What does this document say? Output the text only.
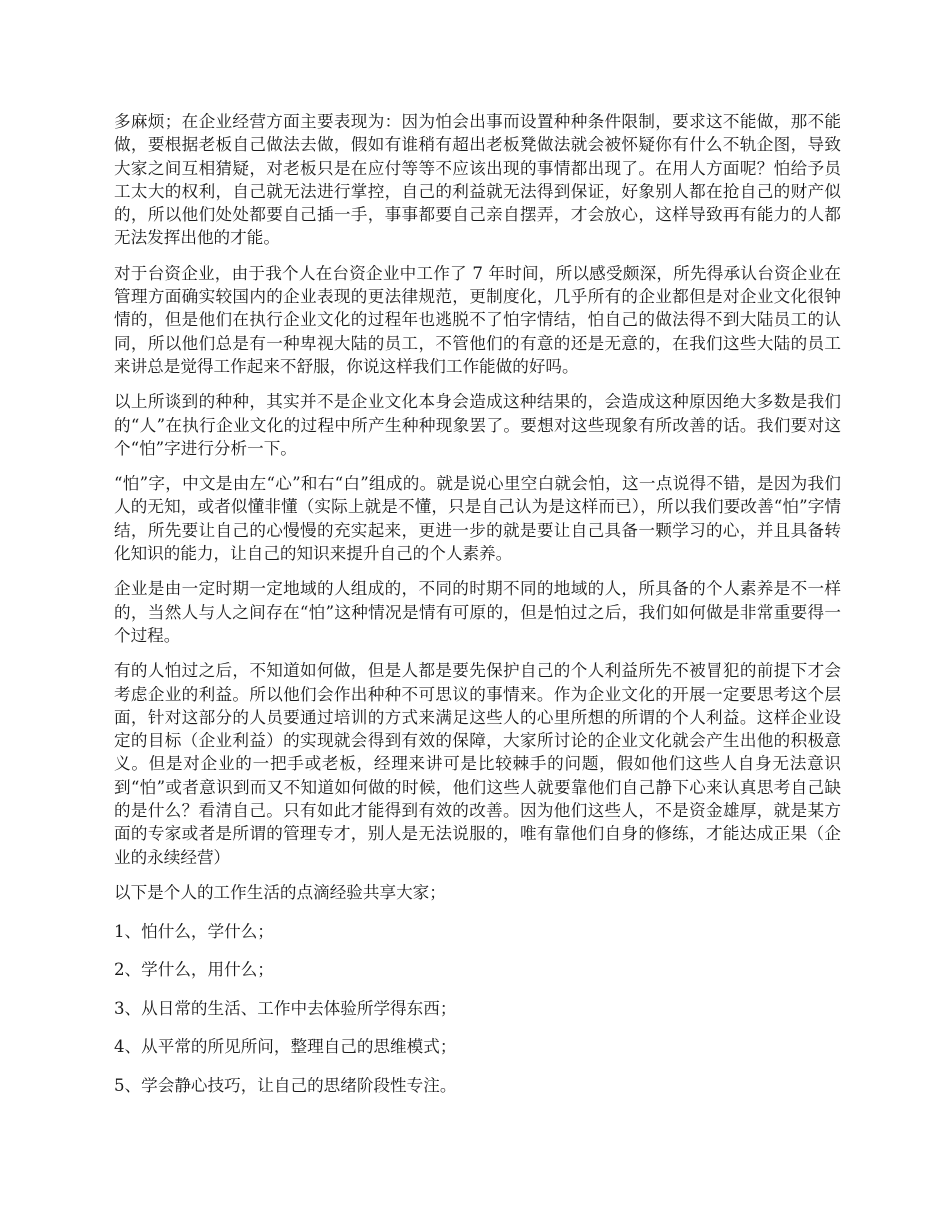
多麻烦；在企业经营方面主要表现为：因为怕会出事而设置种种条件限制，要求这不能做，那不能做，要根据老板自己做法去做，假如有谁稍有超出老板凳做法就会被怀疑你有什么不轨企图，导致大家之间互相猜疑，对老板只是在应付等等不应该出现的事情都出现了。在用人方面呢？怕给予员工太大的权利，自己就无法进行掌控，自己的利益就无法得到保证，好象别人都在抢自己的财产似的，所以他们处处都要自己插一手，事事都要自己亲自摆弄，才会放心，这样导致再有能力的人都无法发挥出他的才能。

对于台资企业，由于我个人在台资企业中工作了 7 年时间，所以感受颇深，所先得承认台资企业在管理方面确实较国内的企业表现的更法律规范，更制度化，几乎所有的企业都但是对企业文化很钟情的，但是他们在执行企业文化的过程年也逃脱不了怕字情结，怕自己的做法得不到大陆员工的认同，所以他们总是有一种卑视大陆的员工，不管他们的有意的还是无意的，在我们这些大陆的员工来讲总是觉得工作起来不舒服，你说这样我们工作能做的好吗。

以上所谈到的种种，其实并不是企业文化本身会造成这种结果的，会造成这种原因绝大多数是我们的“人”在执行企业文化的过程中所产生种种现象罢了。要想对这些现象有所改善的话。我们要对这个“怕”字进行分析一下。

“怕”字，中文是由左“心”和右“白”组成的。就是说心里空白就会怕，这一点说得不错，是因为我们人的无知，或者似懂非懂（实际上就是不懂，只是自己认为是这样而已），所以我们要改善“怕”字情结，所先要让自己的心慢慢的充实起来，更进一步的就是要让自己具备一颗学习的心，并且具备转化知识的能力，让自己的知识来提升自己的个人素养。

企业是由一定时期一定地域的人组成的，不同的时期不同的地域的人，所具备的个人素养是不一样的，当然人与人之间存在“怕”这种情况是情有可原的，但是怕过之后，我们如何做是非常重要得一个过程。

有的人怕过之后，不知道如何做，但是人都是要先保护自己的个人利益所先不被冒犯的前提下才会考虑企业的利益。所以他们会作出种种不可思议的事情来。作为企业文化的开展一定要思考这个层面，针对这部分的人员要通过培训的方式来满足这些人的心里所想的所谓的个人利益。这样企业设定的目标（企业利益）的实现就会得到有效的保障，大家所讨论的企业文化就会产生出他的积极意义。但是对企业的一把手或老板，经理来讲可是比较棘手的问题，假如他们这些人自身无法意识到“怕”或者意识到而又不知道如何做的时候，他们这些人就要靠他们自己静下心来认真思考自己缺的是什么？看清自己。只有如此才能得到有效的改善。因为他们这些人，不是资金雄厚，就是某方面的专家或者是所谓的管理专才，别人是无法说服的，唯有靠他们自身的修练，才能达成正果（企业的永续经营）

以下是个人的工作生活的点滴经验共享大家；

1、怕什么，学什么；

2、学什么，用什么；

3、从日常的生活、工作中去体验所学得东西；

4、从平常的所见所问，整理自己的思维模式；

5、学会静心技巧，让自己的思绪阶段性专注。
